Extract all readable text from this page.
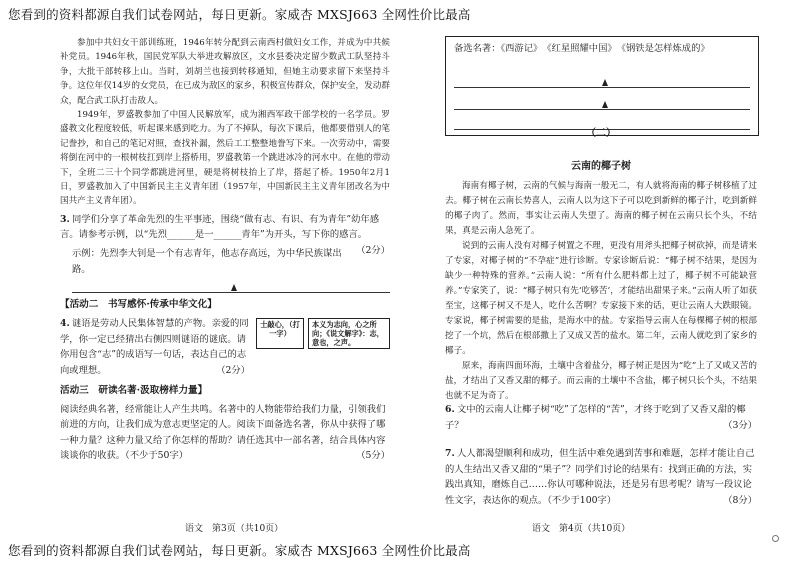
您看到的资料都源自我们试卷网站，每日更新。家威杏 MXSJ663 全网性价比最高

参加中共妇女干部训练班，1946年转分配到云南西村做妇女工作，并成为中共候补党员。1946年秋，国民党军队大举进攻解放区，文水县委决定留少数武工队坚持斗争，大批干部转移上山。当时，刘胡兰也接到转移通知，但她主动要求留下来坚持斗争。这位年仅14岁的女党员，在已成为敌区的家乡，积极宣传群众，保护安全，发动群众，配合武工队打击敌人。

1949年，罗盛教参加了中国人民解放军，成为湘西军政干部学校的一名学员。罗盛教文化程度较低，听起课来感到吃力。为了不掉队，每次下课后，他都要借别人的笔记誊抄，和自己的笔记对照，查找补漏，然后工工整整地誊写下来。一次劳动中，需要将倒在河中的一根树枝扛到岸上搭桥用，罗盛教第一个跳进冰冷的河水中。在他的带动下，全班二三十个同学都跳进河里，硬是将树枝抬上了岸，搭起了桥。1950年2月1日，罗盛教加入了中国新民主主义青年团（1957年，中国新民主主义青年团改名为中国共产主义青年团）。

3. 同学们分享了革命先烈的生平事迹，围绕“做有志、有识、有为青年”幼年感言。请参考示例，以“先烈______是一______青年”为开头，写下你的感言。
（2分）
示例：先烈李大钊是一个有志青年，他志存高远，为中华民族谋出路。
【活动二　书写感怀·传承中华文化】
4. 谜语是劳动人民集体智慧的产物。亲爱的同学，你一定已经猜出右侧四则谜语的谜底。请你用包含“志”的成语写一句话，表达自己的志向或理想。	（2分）
士敲心，（打一字）
本义为志向，心之所向；《说文解字》：志，意也，之声。
活动三　研读名著·汲取榜样力量】
阅读经典名著，经常能让人产生共鸣。名著中的人物能带给我们力量，引领我们前进的方向，让我们成为意志更坚定的人。阅读下面备选名著，你从中获得了哪一种力量？这种力量又给了你怎样的帮助？请任选其中一部名著，结合具体内容谈谈你的收获。（不少于50字）	（5分）
语文　第3页（共10页）
备选名著：《西游记》　《红星照耀中国》　《钢铁是怎样炼成的》
（二）
云南的椰子树

海南有椰子树，云南的气候与海南一般无二，有人就将海南的椰子树移植了过去。椰子树在云南长势喜人，云南人以为这下子可以吃到新鲜的椰子汁，吃到新鲜的椰子肉了。然而，事实让云南人失望了。海南的椰子树在云南只长个头，不结果，真是云南人急死了。

说到的云南人没有对椰子树置之不理，更没有用斧头把椰子树砍掉，而是请来了专家，对椰子树的“不孕症”进行诊断。专家诊断后说：“椰子树不结果，是因为缺少一种特殊的营养。”云南人说：“所有什么肥料都上过了，椰子树不可能缺营养。”专家笑了，说：“椰子树只有先‘吃够苦’，才能结出甜果子来。”云南人听了如获至宝，这椰子树又不是人，吃什么苦啊？专家接下来的话，更让云南人大跌眼镜。专家说，椰子树需要的是盐，是海水中的盐。专家指导云南人在每棵椰子树的根部挖了一个坑，然后在根部撒上了又成又苦的盐水。第二年，云南人就吃到了家乡的椰子。

原来，海南四面环海，土壤中含着盐分，椰子树正是因为“吃”上了又咸又苦的盐，才结出了又香又甜的椰子。而云南的土壤中不含盐，椰子树只长个头，不结果也就不足为奇了。

6. 文中的云南人让椰子树“吃”了怎样的“苦”，才终于吃到了又香又甜的椰子？	（3分）
7. 人人都渴望顺利和成功，但生活中难免遇到苦事和难题，怎样才能让自己的人生结出又香又甜的“果子”？同学们讨论的结果有：找到正确的方法，实践出真知，磨炼自己……你认可哪种说法，还是另有思考呢？请写一段议论性文字，表达你的观点。（不少于100字）	（8分）
语文　第4页（共10页）
您看到的资料都源自我们试卷网站，每日更新。家威杏 MXSJ663 全网性价比最高
